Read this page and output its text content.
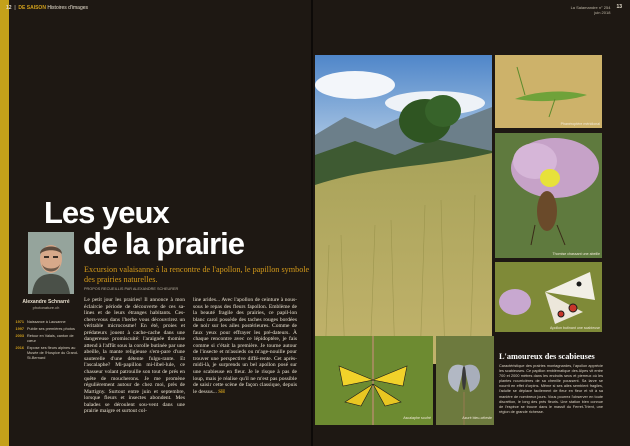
12  |  DE SAISON Histoires d'images	La Salamandre n° 254
juin 2018
13
Les yeux
de la prairie
Excursion valaisanne à la rencontre de l'apollon, le papillon symbole des prairies naturelles.
PROPOS RECUEILLIS PAR ALEXANDRE SCHEURER
Alexandre Schnarré
photonature.ch
1971 Naissance à Lausanne
1997 Publie ses premières photos
2003 Retour en Valais, canton de cœur
2016 Expose ses fleurs alpines au Musée de l'Hospice du Grand-St-Bernard
Le petit jour les prairies! Il annonce à mon éclaircie période de découverte de ces sa-lines et de leurs étranges habitants. Ces-chers-vous dans l'herbe vous découvrirez un véritable microcosme! En été, proies et prédateurs jouent à cache-cache dans une dangereuse promiscuité: l'araignée thomise attend à l'affût sous la corolle butinée par une abeille, la mante religieuse s'em-pare d'une sauterelle d'une détente fulgu-rante. Et l'ascalaphe? Mi-papillon mi-libel-lule, ce chasseur volant patrouille son tout de prés en quête de moucherons. Je me promène régulièrement autour de chez moi, près de Martigny. Surtout entre juin et septembre, lorsque fleurs et insectes abondent. Mes balades se déroulent sou-vent dans une prairie maigre et surtout col-
line arides... Avec l'apollon de ceinture à nous-sous le repas des fleurs fapollon. Emblème de la beauté fragile des prairies, ce papil-lon blanc carol possède des taches rouges bordées de noir sur les ailes postérieures. Comme de faux yeux pour effrayer les pré-dateurs. À chaque rencontre avec ce lépidoptère, je fais comme si c'était la première. Je tourne autour de l'insecte et m'assieds ou m'age-nouille pour trouver une perspective diffé-rente. Cet après-midi-là, je surprends un bel apollon posé sur une scabieuse en fleur. Je le risque à pas de loup, mais je réalise qu'il ne m'est pas possible de saisir cette scène de façon classique, depuis le dessus... SH
Phanéroptère méridional
Thomise chassant une abeille
Apollon butinant une scabieuse
Ascalaphe soufré	Azuré bleu-céleste
L'amoureux des scabieuses
Caractéristique des prairies montagnardes, l'apollon apprécie les scabieuses. Ce papillon emblématique des Alpes vit entre 700 et 2000 mètres dans les endroits secs et pierreux où les plantes nourricières de sa chenille poussent. Sa larve se nourrit en effet d'orpins. Même si ses ailes semblent fragiles, l'adulte se déplace facilement de fleur en fleur et vit à sa manière de nombreux jours. Vous pourrez l'observer en toute discrétion, le long des prés fleuris. Une station bien connue de l'espèce se trouve dans le massif du Ferret-Trient, une région de grande richesse.
